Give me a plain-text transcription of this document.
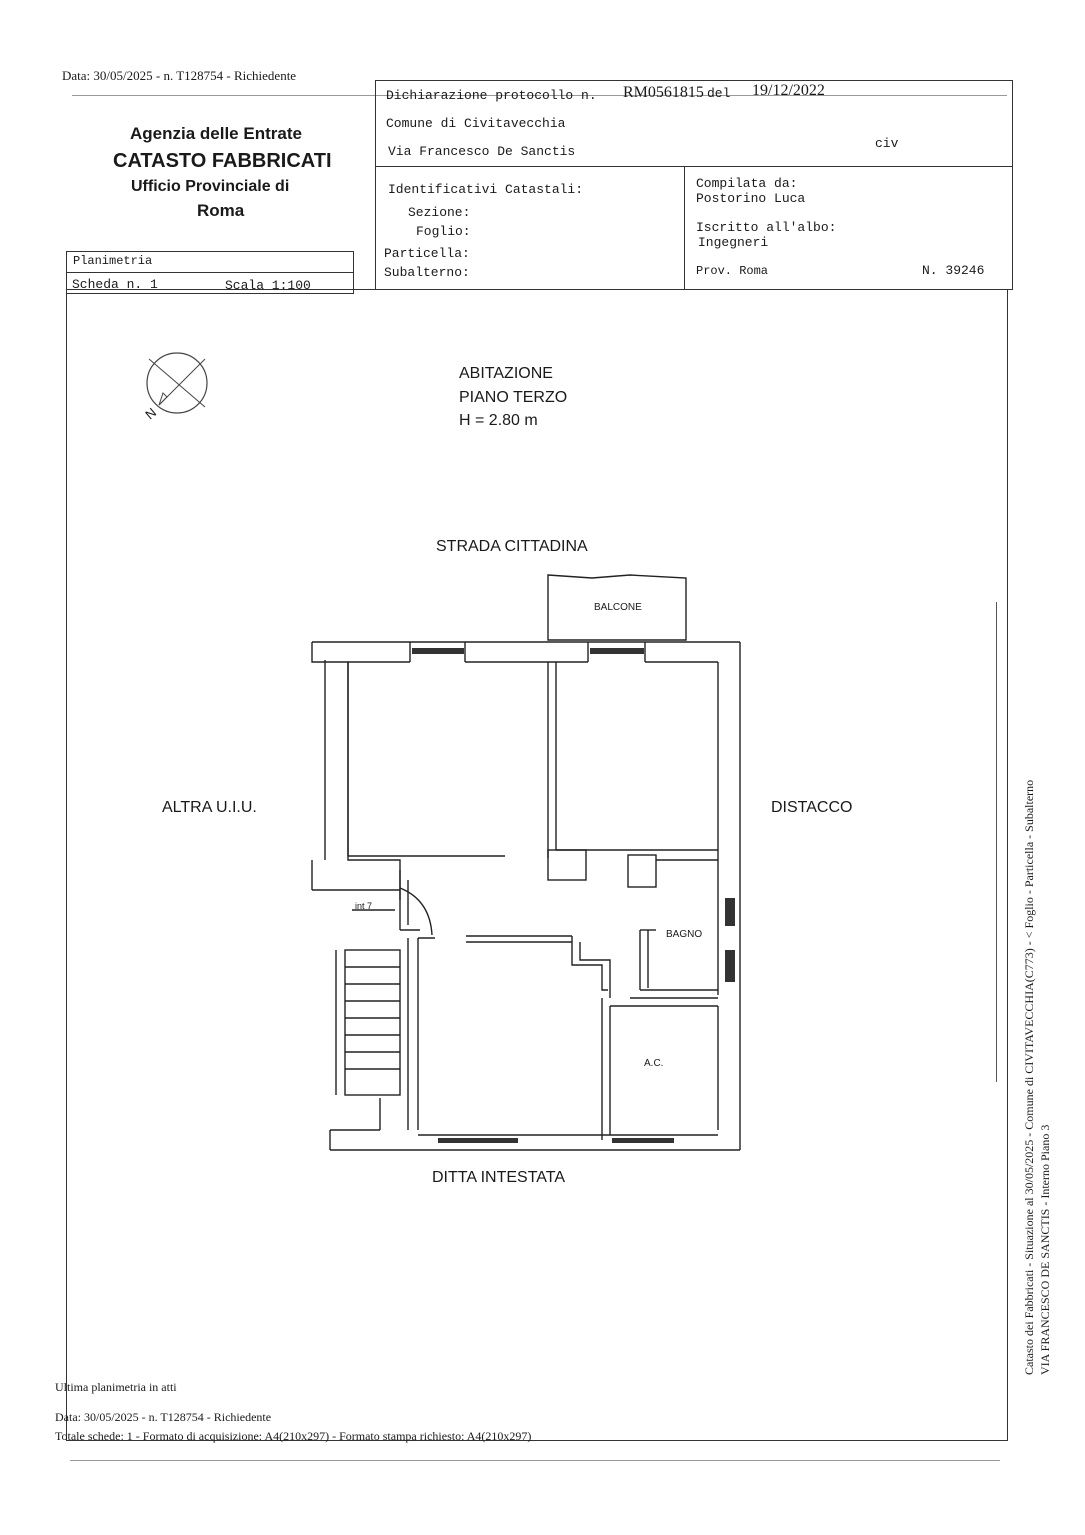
Data: 30/05/2025 - n. T128754 - Richiedente
Agenzia delle Entrate
CATASTO FABBRICATI
Ufficio Provinciale di
Roma
Dichiarazione protocollo n. RM0561815 del 19/12/2022
Comune di Civitavecchia
Via Francesco De Sanctis
civ
Identificativi Catastali:
Sezione:
Foglio:
Particella:
Subalterno:
Compilata da:
Postorino Luca
Iscritto all'albo:
Ingegneri
Prov. Roma	N. 39246
Planimetria
Scheda n. 1	Scala 1:100
ABITAZIONE
PIANO TERZO
H = 2.80 m
N
STRADA CITTADINA
ALTRA U.I.U.	DISTACCO
DITTA INTESTATA
BALCONE
int 7
BAGNO
A.C.	Catasto dei Fabbricati - Situazione al 30/05/2025 - Comune di CIVITAVECCHIA(C773) - < Foglio - Particella - Subalterno VIA FRANCESCO DE SANCTIS - Interno Piano 3
Ultima planimetria in atti
Data: 30/05/2025 - n. T128754 - Richiedente
Totale schede: 1 - Formato di acquisizione: A4(210x297) - Formato stampa richiesto: A4(210x297)
